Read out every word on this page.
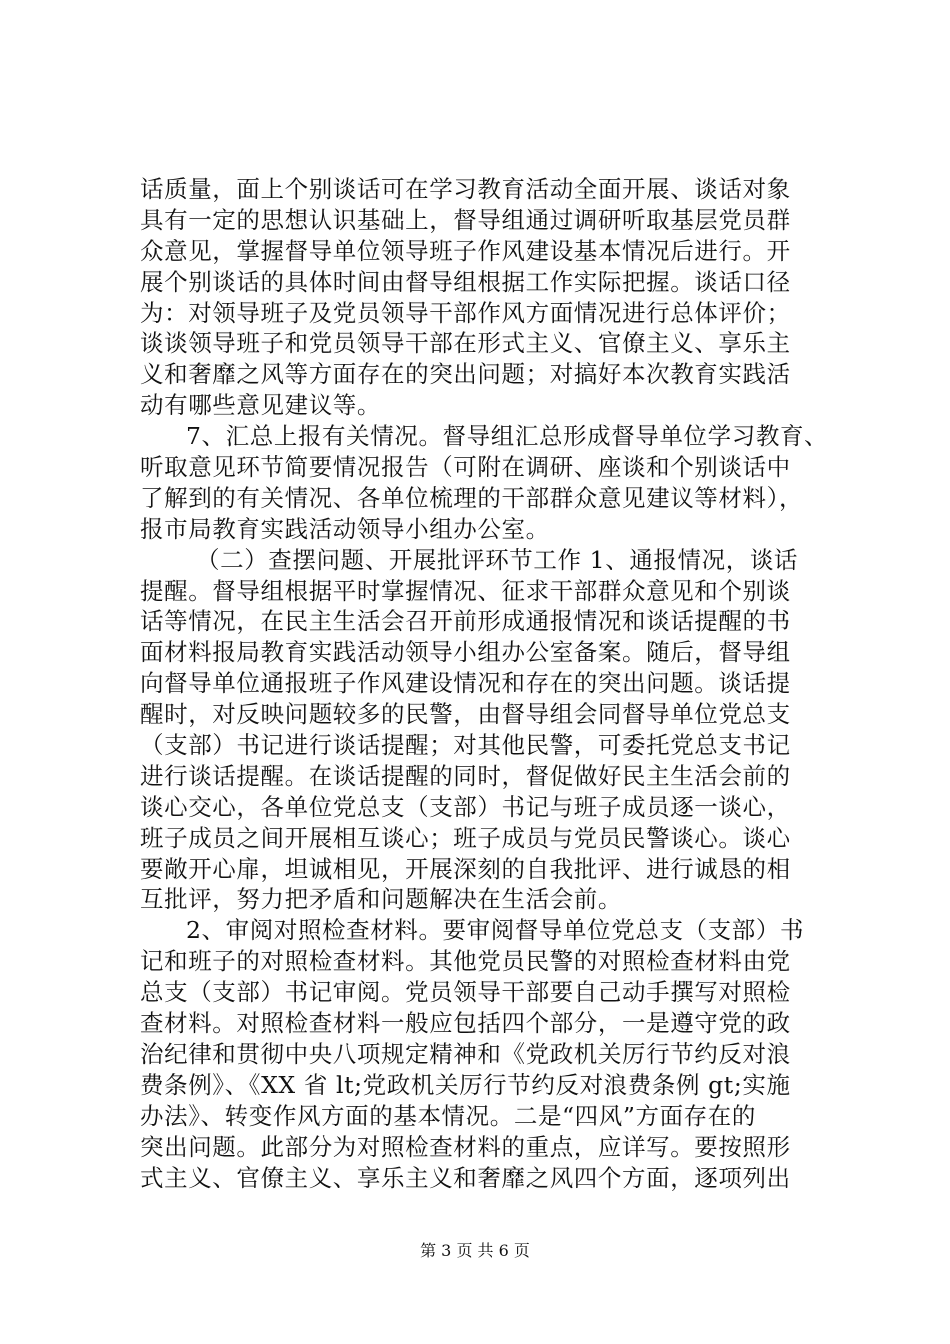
话质量，面上个别谈话可在学习教育活动全面开展、谈话对象
具有一定的思想认识基础上，督导组通过调研听取基层党员群
众意见，掌握督导单位领导班子作风建设基本情况后进行。开
展个别谈话的具体时间由督导组根据工作实际把握。谈话口径
为：对领导班子及党员领导干部作风方面情况进行总体评价；
谈谈领导班子和党员领导干部在形式主义、官僚主义、享乐主
义和奢靡之风等方面存在的突出问题；对搞好本次教育实践活
动有哪些意见建议等。
7、汇总上报有关情况。督导组汇总形成督导单位学习教育、
听取意见环节简要情况报告（可附在调研、座谈和个别谈话中
了解到的有关情况、各单位梳理的干部群众意见建议等材料），
报市局教育实践活动领导小组办公室。
（二）查摆问题、开展批评环节工作 1、通报情况，谈话
提醒。督导组根据平时掌握情况、征求干部群众意见和个别谈
话等情况，在民主生活会召开前形成通报情况和谈话提醒的书
面材料报局教育实践活动领导小组办公室备案。随后，督导组
向督导单位通报班子作风建设情况和存在的突出问题。谈话提
醒时，对反映问题较多的民警，由督导组会同督导单位党总支
（支部）书记进行谈话提醒；对其他民警，可委托党总支书记
进行谈话提醒。在谈话提醒的同时，督促做好民主生活会前的
谈心交心，各单位党总支（支部）书记与班子成员逐一谈心，
班子成员之间开展相互谈心；班子成员与党员民警谈心。谈心
要敞开心扉，坦诚相见，开展深刻的自我批评、进行诚恳的相
互批评，努力把矛盾和问题解决在生活会前。
2、审阅对照检查材料。要审阅督导单位党总支（支部）书
记和班子的对照检查材料。其他党员民警的对照检查材料由党
总支（支部）书记审阅。党员领导干部要自己动手撰写对照检
查材料。对照检查材料一般应包括四个部分，一是遵守党的政
治纪律和贯彻中央八项规定精神和《党政机关厉行节约反对浪
费条例》、《XX 省 lt;党政机关厉行节约反对浪费条例 gt;实施
办法》、转变作风方面的基本情况。二是“四风”方面存在的
突出问题。此部分为对照检查材料的重点，应详写。要按照形
式主义、官僚主义、享乐主义和奢靡之风四个方面，逐项列出
第 3 页 共 6 页
